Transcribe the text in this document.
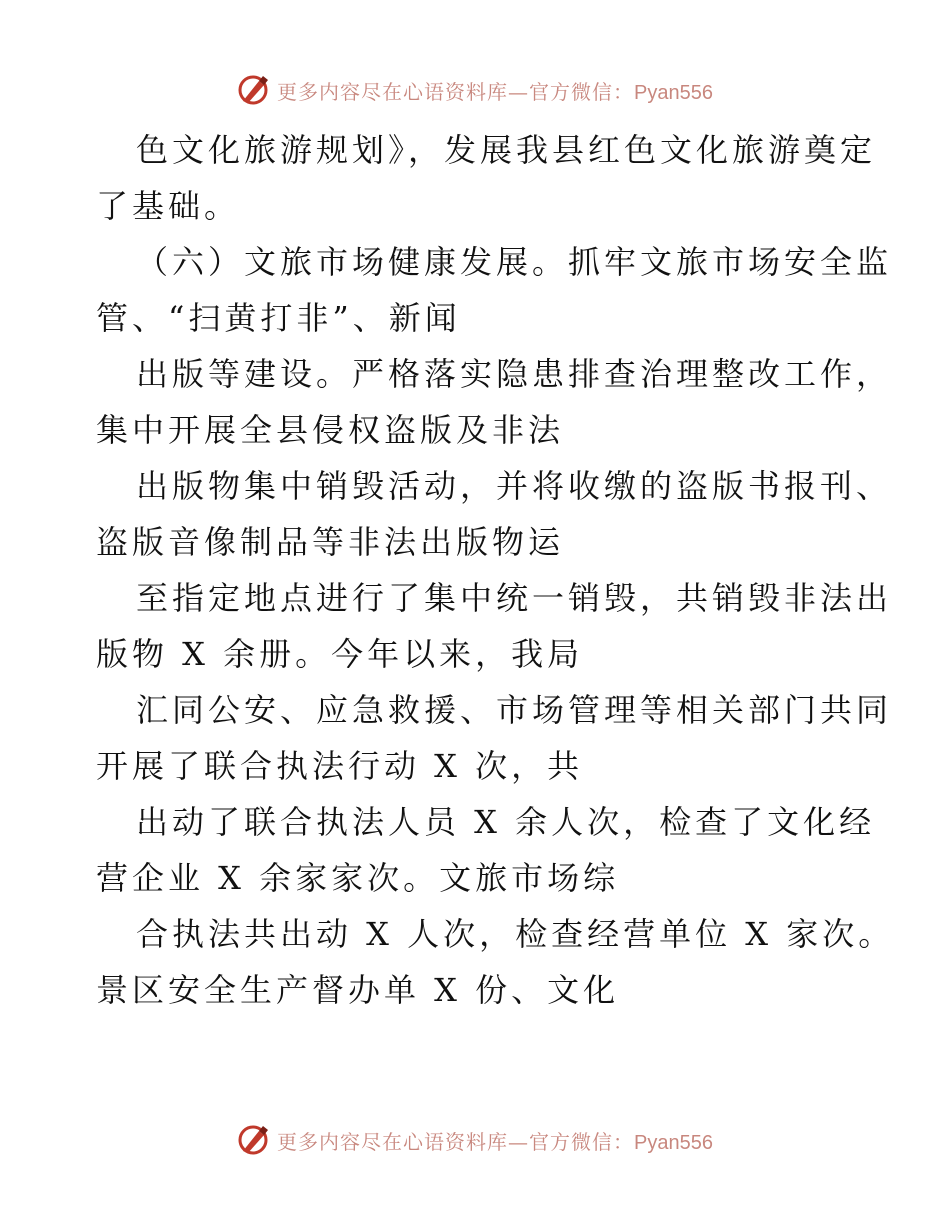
更多内容尽在心语资料库—官方微信：Pyan556
色文化旅游规划》，发展我县红色文化旅游奠定
了基础。
（六）文旅市场健康发展。抓牢文旅市场安全监
管、“扫黄打非”、新闻
出版等建设。严格落实隐患排查治理整改工作，
集中开展全县侵权盗版及非法
出版物集中销毁活动，并将收缴的盗版书报刊、
盗版音像制品等非法出版物运
至指定地点进行了集中统一销毁，共销毁非法出
版物 X 余册。今年以来，我局
汇同公安、应急救援、市场管理等相关部门共同
开展了联合执法行动 X 次，共
出动了联合执法人员 X 余人次，检查了文化经
营企业 X 余家家次。文旅市场综
合执法共出动 X 人次，检查经营单位 X 家次。
景区安全生产督办单 X 份、文化
更多内容尽在心语资料库—官方微信：Pyan556
